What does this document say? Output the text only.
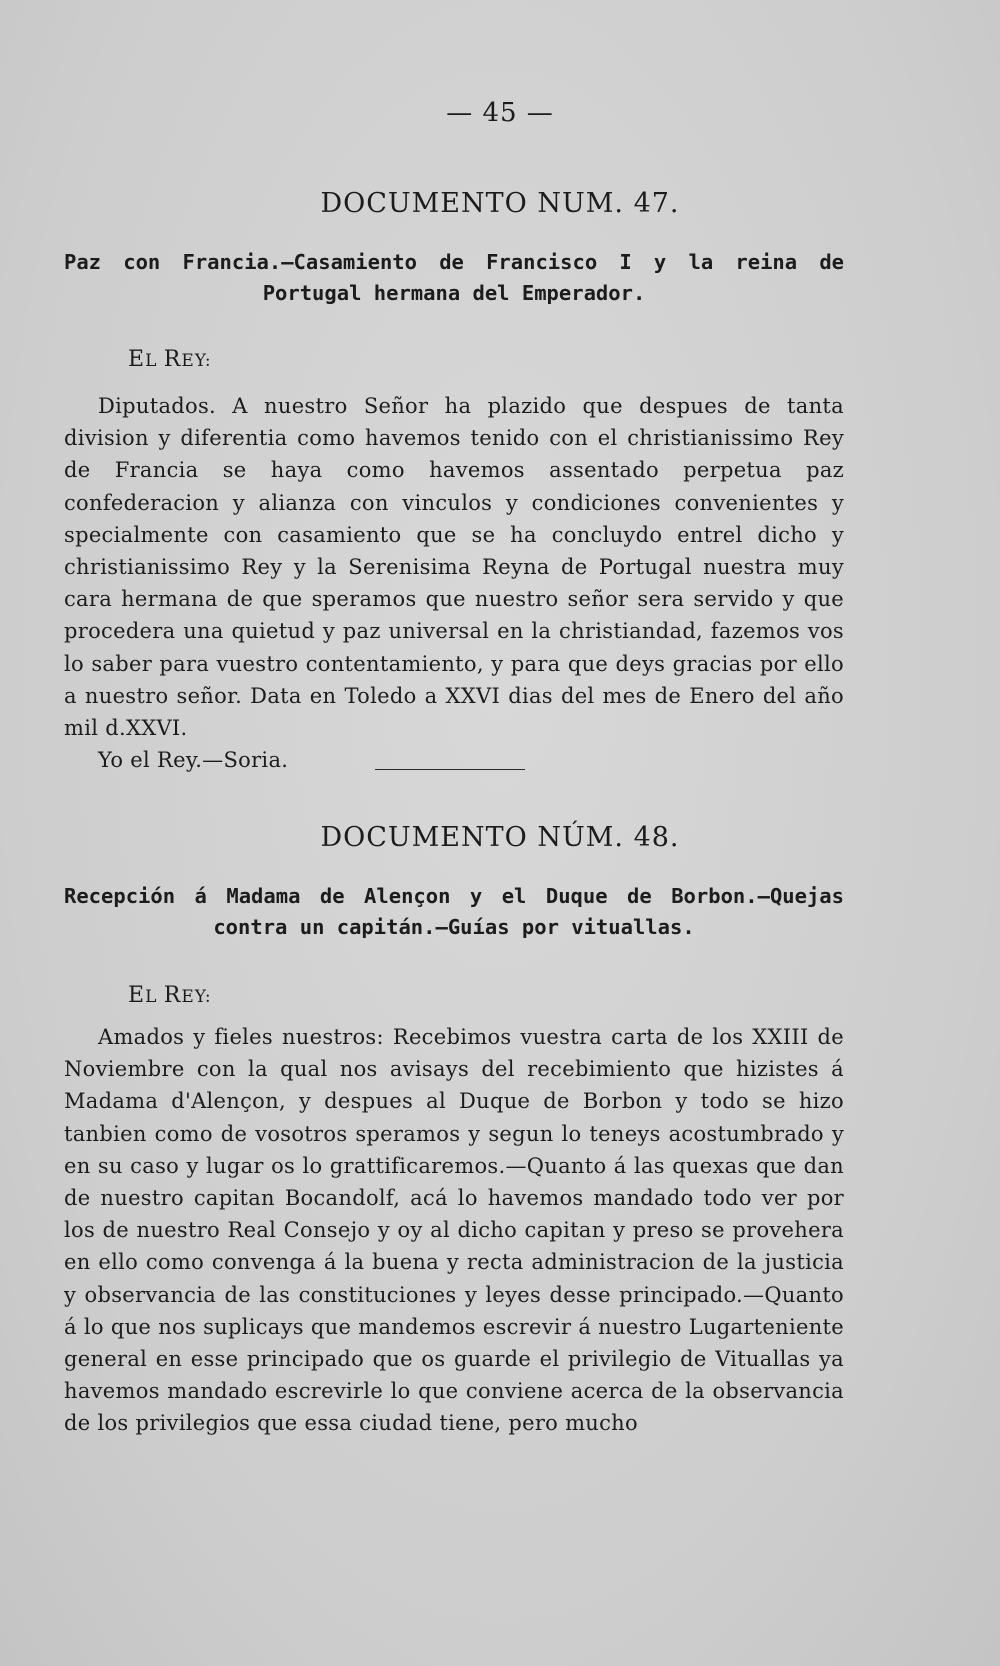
— 45 —
DOCUMENTO NUM. 47.
Paz con Francia.—Casamiento de Francisco I y la reina de Portugal hermana del Emperador.
EL REY:

Diputados. A nuestro Señor ha plazido que despues de tanta division y diferentia como havemos tenido con el christianissimo Rey de Francia se haya como havemos assentado perpetua paz confederacion y alianza con vinculos y condiciones convenientes y specialmente con casamiento que se ha concluydo entrel dicho y christianissimo Rey y la Serenisima Reyna de Portugal nuestra muy cara hermana de que speramos que nuestro señor sera servido y que procedera una quietud y paz universal en la christiandad, fazemos vos lo saber para vuestro contentamiento, y para que deys gracias por ello a nuestro señor. Data en Toledo a XXVI dias del mes de Enero del año mil d.XXVI.

Yo el Rey.—Soria.

DOCUMENTO NÚM. 48.
Recepción á Madama de Alençon y el Duque de Borbon.—Quejas contra un capitán.—Guías por vituallas.
EL REY:

Amados y fieles nuestros: Recebimos vuestra carta de los XXIII de Noviembre con la qual nos avisays del recebimiento que hizistes á Madama d'Alençon, y despues al Duque de Borbon y todo se hizo tanbien como de vosotros speramos y segun lo teneys acostumbrado y en su caso y lugar os lo grattificaremos.—Quanto á las quexas que dan de nuestro capitan Bocandolf, acá lo havemos mandado todo ver por los de nuestro Real Consejo y oy al dicho capitan y preso se provehera en ello como convenga á la buena y recta administracion de la justicia y observancia de las constituciones y leyes desse principado.—Quanto á lo que nos suplicays que mandemos escrevir á nuestro Lugarteniente general en esse principado que os guarde el privilegio de Vituallas ya havemos mandado escrevirle lo que conviene acerca de la observancia de los privilegios que essa ciudad tiene, pero mucho
